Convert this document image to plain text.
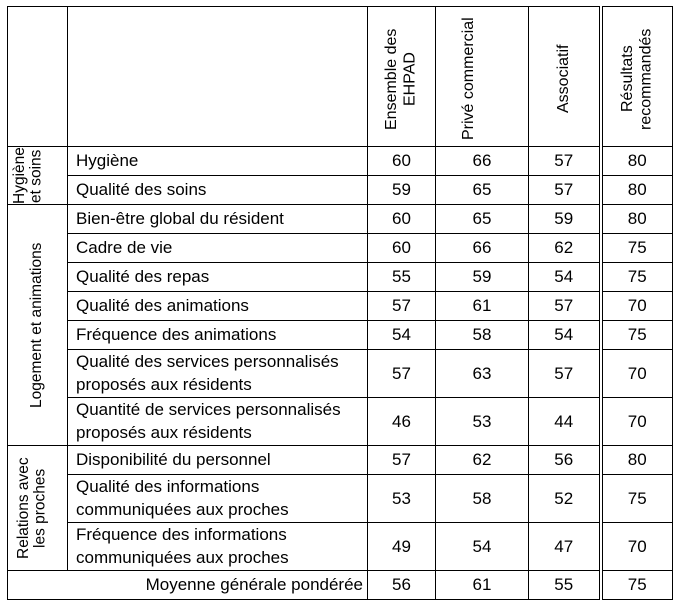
		Ensemble des EHPAD	Privé commercial	Associatif	Résultats recommandés

Hygiène et soins	Hygiène	60	66	57	80
	Qualité des soins	59	65	57	80

Logement et animations	Bien-être global du résident	60	65	59	80
	Cadre de vie	60	66	62	75
	Qualité des repas	55	59	54	75
	Qualité des animations	57	61	57	70
	Fréquence des animations	54	58	54	75
	Qualité des services personnalisés proposés aux résidents	57	63	57	70
	Quantité de services personnalisés proposés aux résidents	46	53	44	70

Relations avec les proches	Disponibilité du personnel	57	62	56	80
	Qualité des informations communiquées aux proches	53	58	52	75
	Fréquence des informations communiquées aux proches	49	54	47	70
Moyenne générale pondérée		56	61	55	75
